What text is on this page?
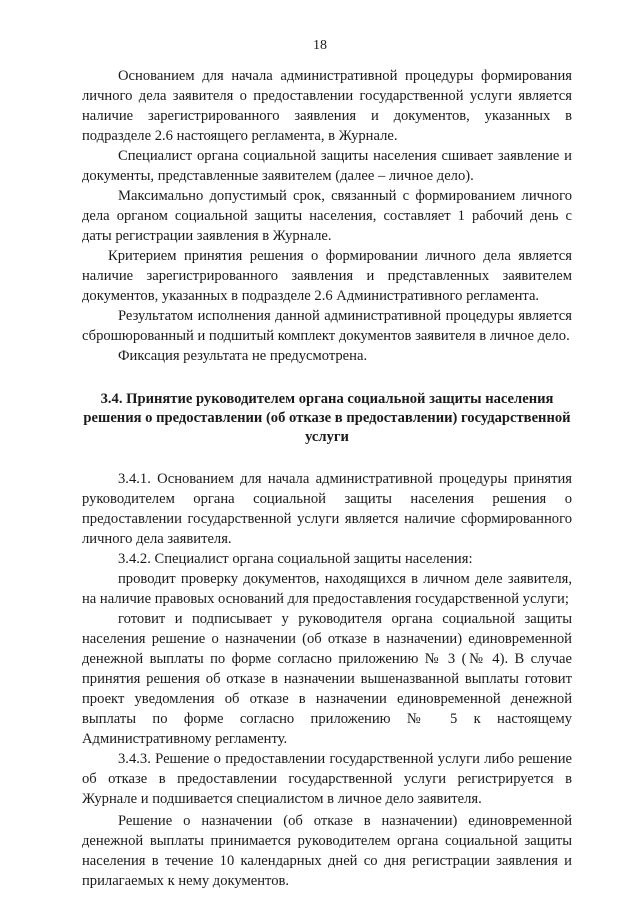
18

Основанием для начала административной процедуры формирования личного дела заявителя о предоставлении государственной услуги является наличие зарегистрированного заявления и документов, указанных в подразделе 2.6 настоящего регламента, в Журнале.

Специалист органа социальной защиты населения сшивает заявление и документы, представленные заявителем (далее – личное дело).

Максимально допустимый срок, связанный с формированием личного дела органом социальной защиты населения, составляет 1 рабочий день с даты регистрации заявления в Журнале.

Критерием принятия решения о формировании личного дела является наличие зарегистрированного заявления и представленных заявителем документов, указанных в подразделе 2.6 Административного регламента.

Результатом исполнения данной административной процедуры является сброшюрованный и подшитый комплект документов заявителя в личное дело.

Фиксация результата не предусмотрена.

3.4. Принятие руководителем органа социальной защиты населения решения о предоставлении (об отказе в предоставлении) государственной услуги

3.4.1. Основанием для начала административной процедуры принятия руководителем органа социальной защиты населения решения о предоставлении государственной услуги является наличие сформированного личного дела заявителя.

3.4.2. Специалист органа социальной защиты населения:

проводит проверку документов, находящихся в личном деле заявителя, на наличие правовых оснований для предоставления государственной услуги;

готовит и подписывает у руководителя органа социальной защиты населения решение о назначении (об отказе в назначении) единовременной денежной выплаты по форме согласно приложению № 3 (№ 4). В случае принятия решения об отказе в назначении вышеназванной выплаты готовит проект уведомления об отказе в назначении единовременной денежной выплаты по форме согласно приложению № 5 к настоящему Административному регламенту.

3.4.3. Решение о предоставлении государственной услуги либо решение об отказе в предоставлении государственной услуги регистрируется в Журнале и подшивается специалистом в личное дело заявителя.

Решение о назначении (об отказе в назначении) единовременной денежной выплаты принимается руководителем органа социальной защиты населения в течение 10 календарных дней со дня регистрации заявления и прилагаемых к нему документов.
